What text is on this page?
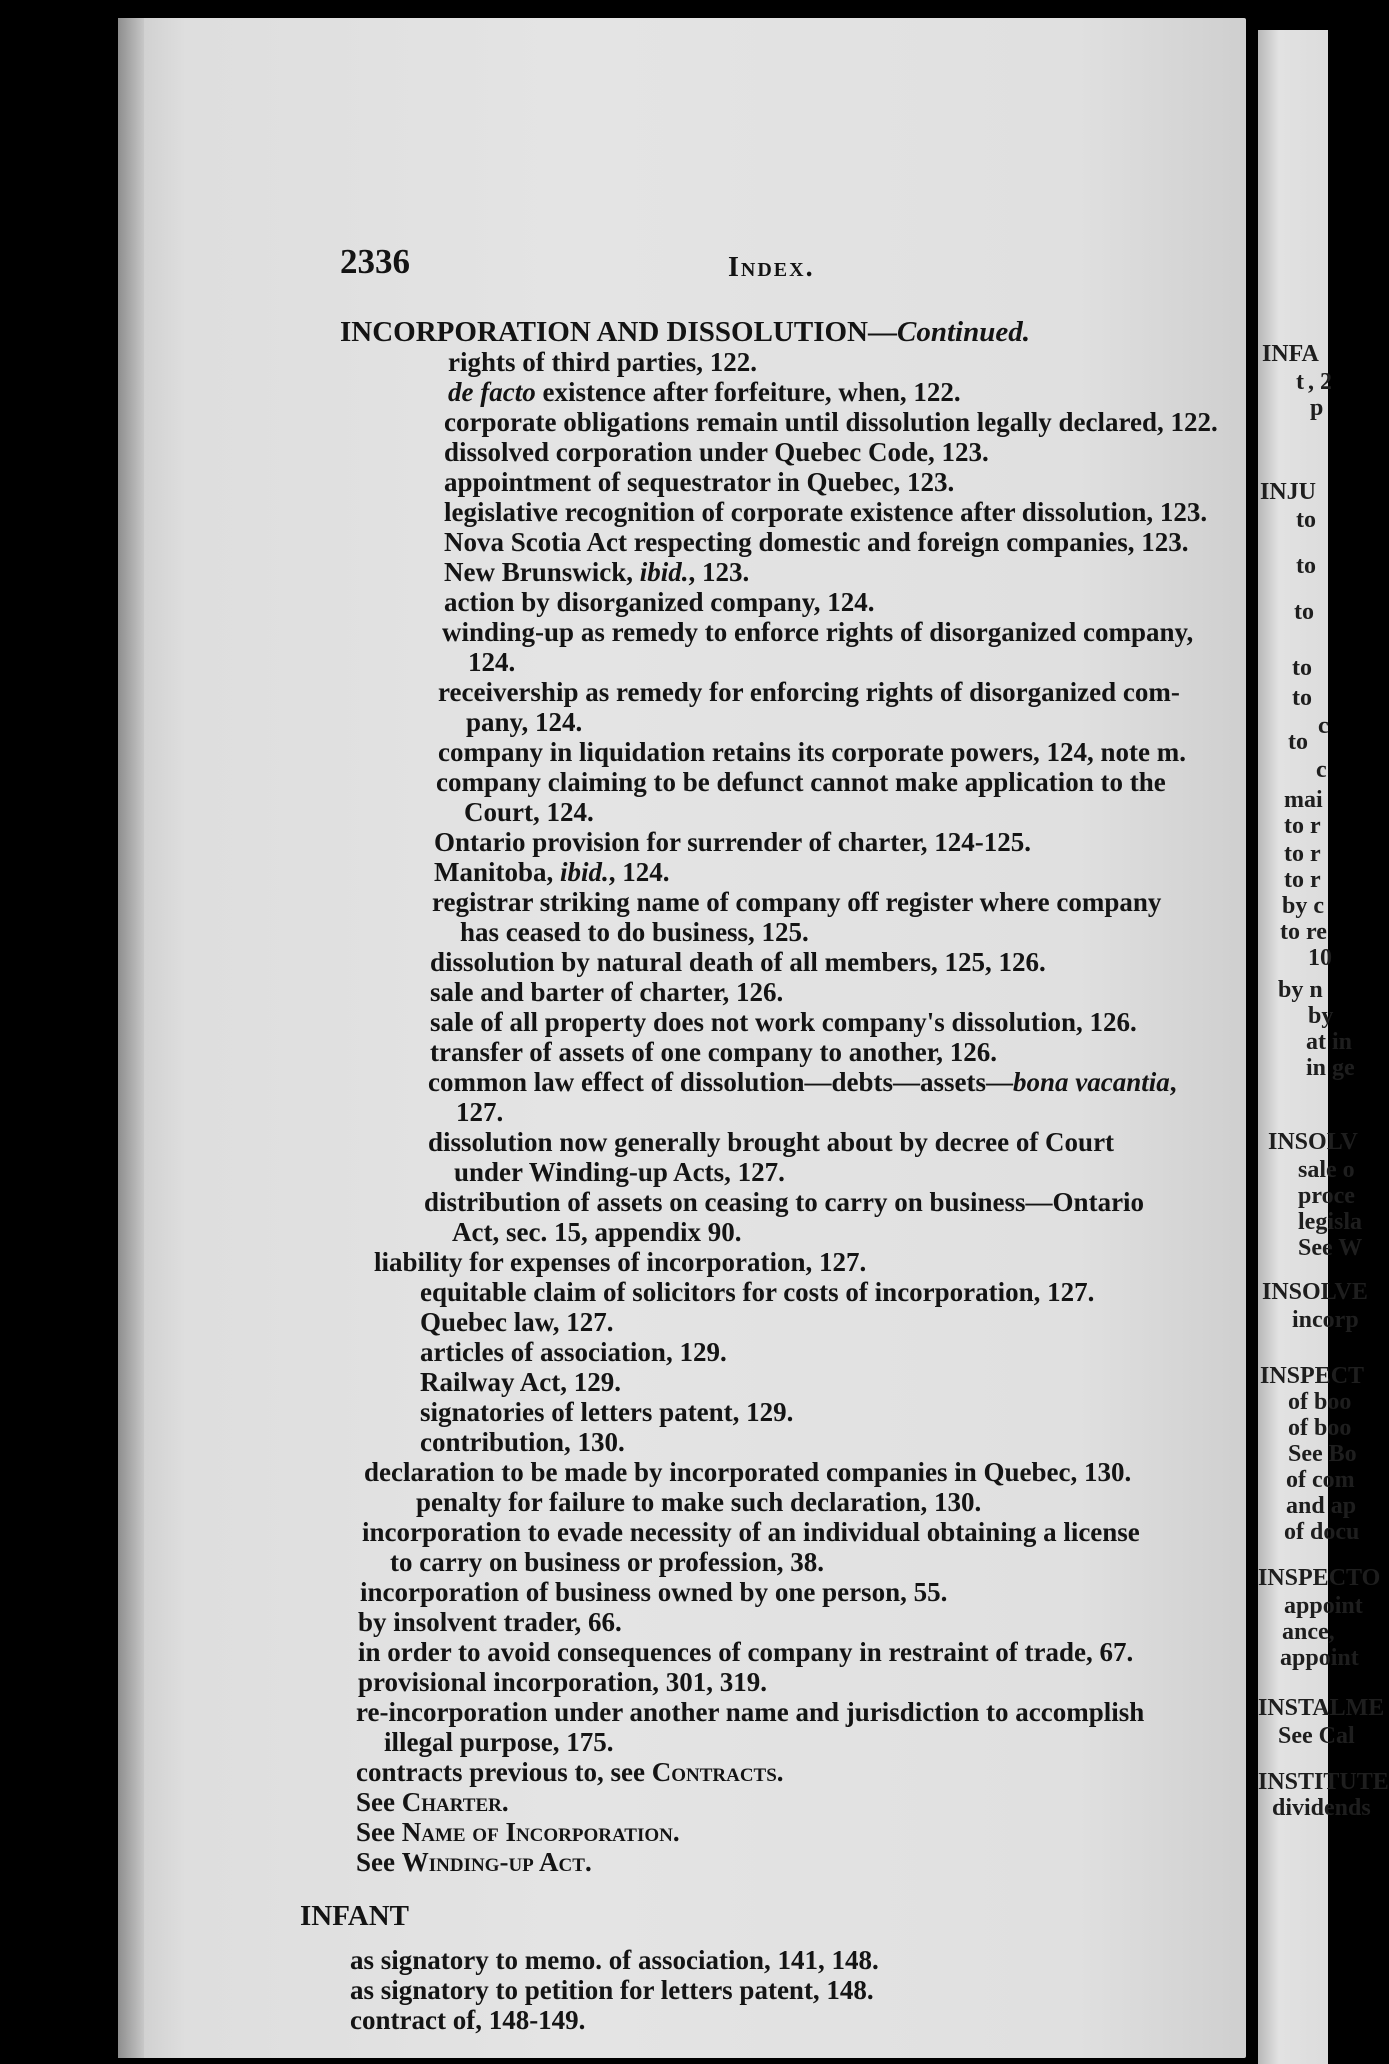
2336	Index.

INCORPORATION AND DISSOLUTION—Continued.

rights of third parties, 122.

de facto existence after forfeiture, when, 122.

corporate obligations remain until dissolution legally declared, 122.

dissolved corporation under Quebec Code, 123.

appointment of sequestrator in Quebec, 123.

legislative recognition of corporate existence after dissolution, 123.

Nova Scotia Act respecting domestic and foreign companies, 123.

New Brunswick, ibid., 123.

action by disorganized company, 124.

winding-up as remedy to enforce rights of disorganized company,

124.

receivership as remedy for enforcing rights of disorganized com-

pany, 124.

company in liquidation retains its corporate powers, 124, note m.

company claiming to be defunct cannot make application to the

Court, 124.

Ontario provision for surrender of charter, 124-125.

Manitoba, ibid., 124.

registrar striking name of company off register where company

has ceased to do business, 125.

dissolution by natural death of all members, 125, 126.

sale and barter of charter, 126.

sale of all property does not work company's dissolution, 126.

transfer of assets of one company to another, 126.

common law effect of dissolution—debts—assets—bona vacantia,

127.

dissolution now generally brought about by decree of Court

under Winding-up Acts, 127.

distribution of assets on ceasing to carry on business—Ontario

Act, sec. 15, appendix 90.

liability for expenses of incorporation, 127.

equitable claim of solicitors for costs of incorporation, 127.

Quebec law, 127.

articles of association, 129.

Railway Act, 129.

signatories of letters patent, 129.

contribution, 130.

declaration to be made by incorporated companies in Quebec, 130.

penalty for failure to make such declaration, 130.

incorporation to evade necessity of an individual obtaining a license

to carry on business or profession, 38.

incorporation of business owned by one person, 55.

by insolvent trader, 66.

in order to avoid consequences of company in restraint of trade, 67.

provisional incorporation, 301, 319.

re-incorporation under another name and jurisdiction to accomplish

illegal purpose, 175.

contracts previous to, see Contracts.

See Charter.

See Name of Incorporation.

See Winding-up Act.

INFANT

as signatory to memo. of association, 141, 148.

as signatory to petition for letters patent, 148.

contract of, 148-149.

INFA

t , 2

p

INJU

to

to

to

to

to

c

to

c

mai

to r

to r

to r

by c

to re

10

by n

by

at in

in ge

INSOLV

sale o

proce

legisla

See W

INSOLVE

incorp

INSPECT

of boo

of boo

See Bo

of com

and ap

of docu

INSPECTO

appoint

ance,

appoint

INSTALME

See Cal

INSTITUTE

dividends
